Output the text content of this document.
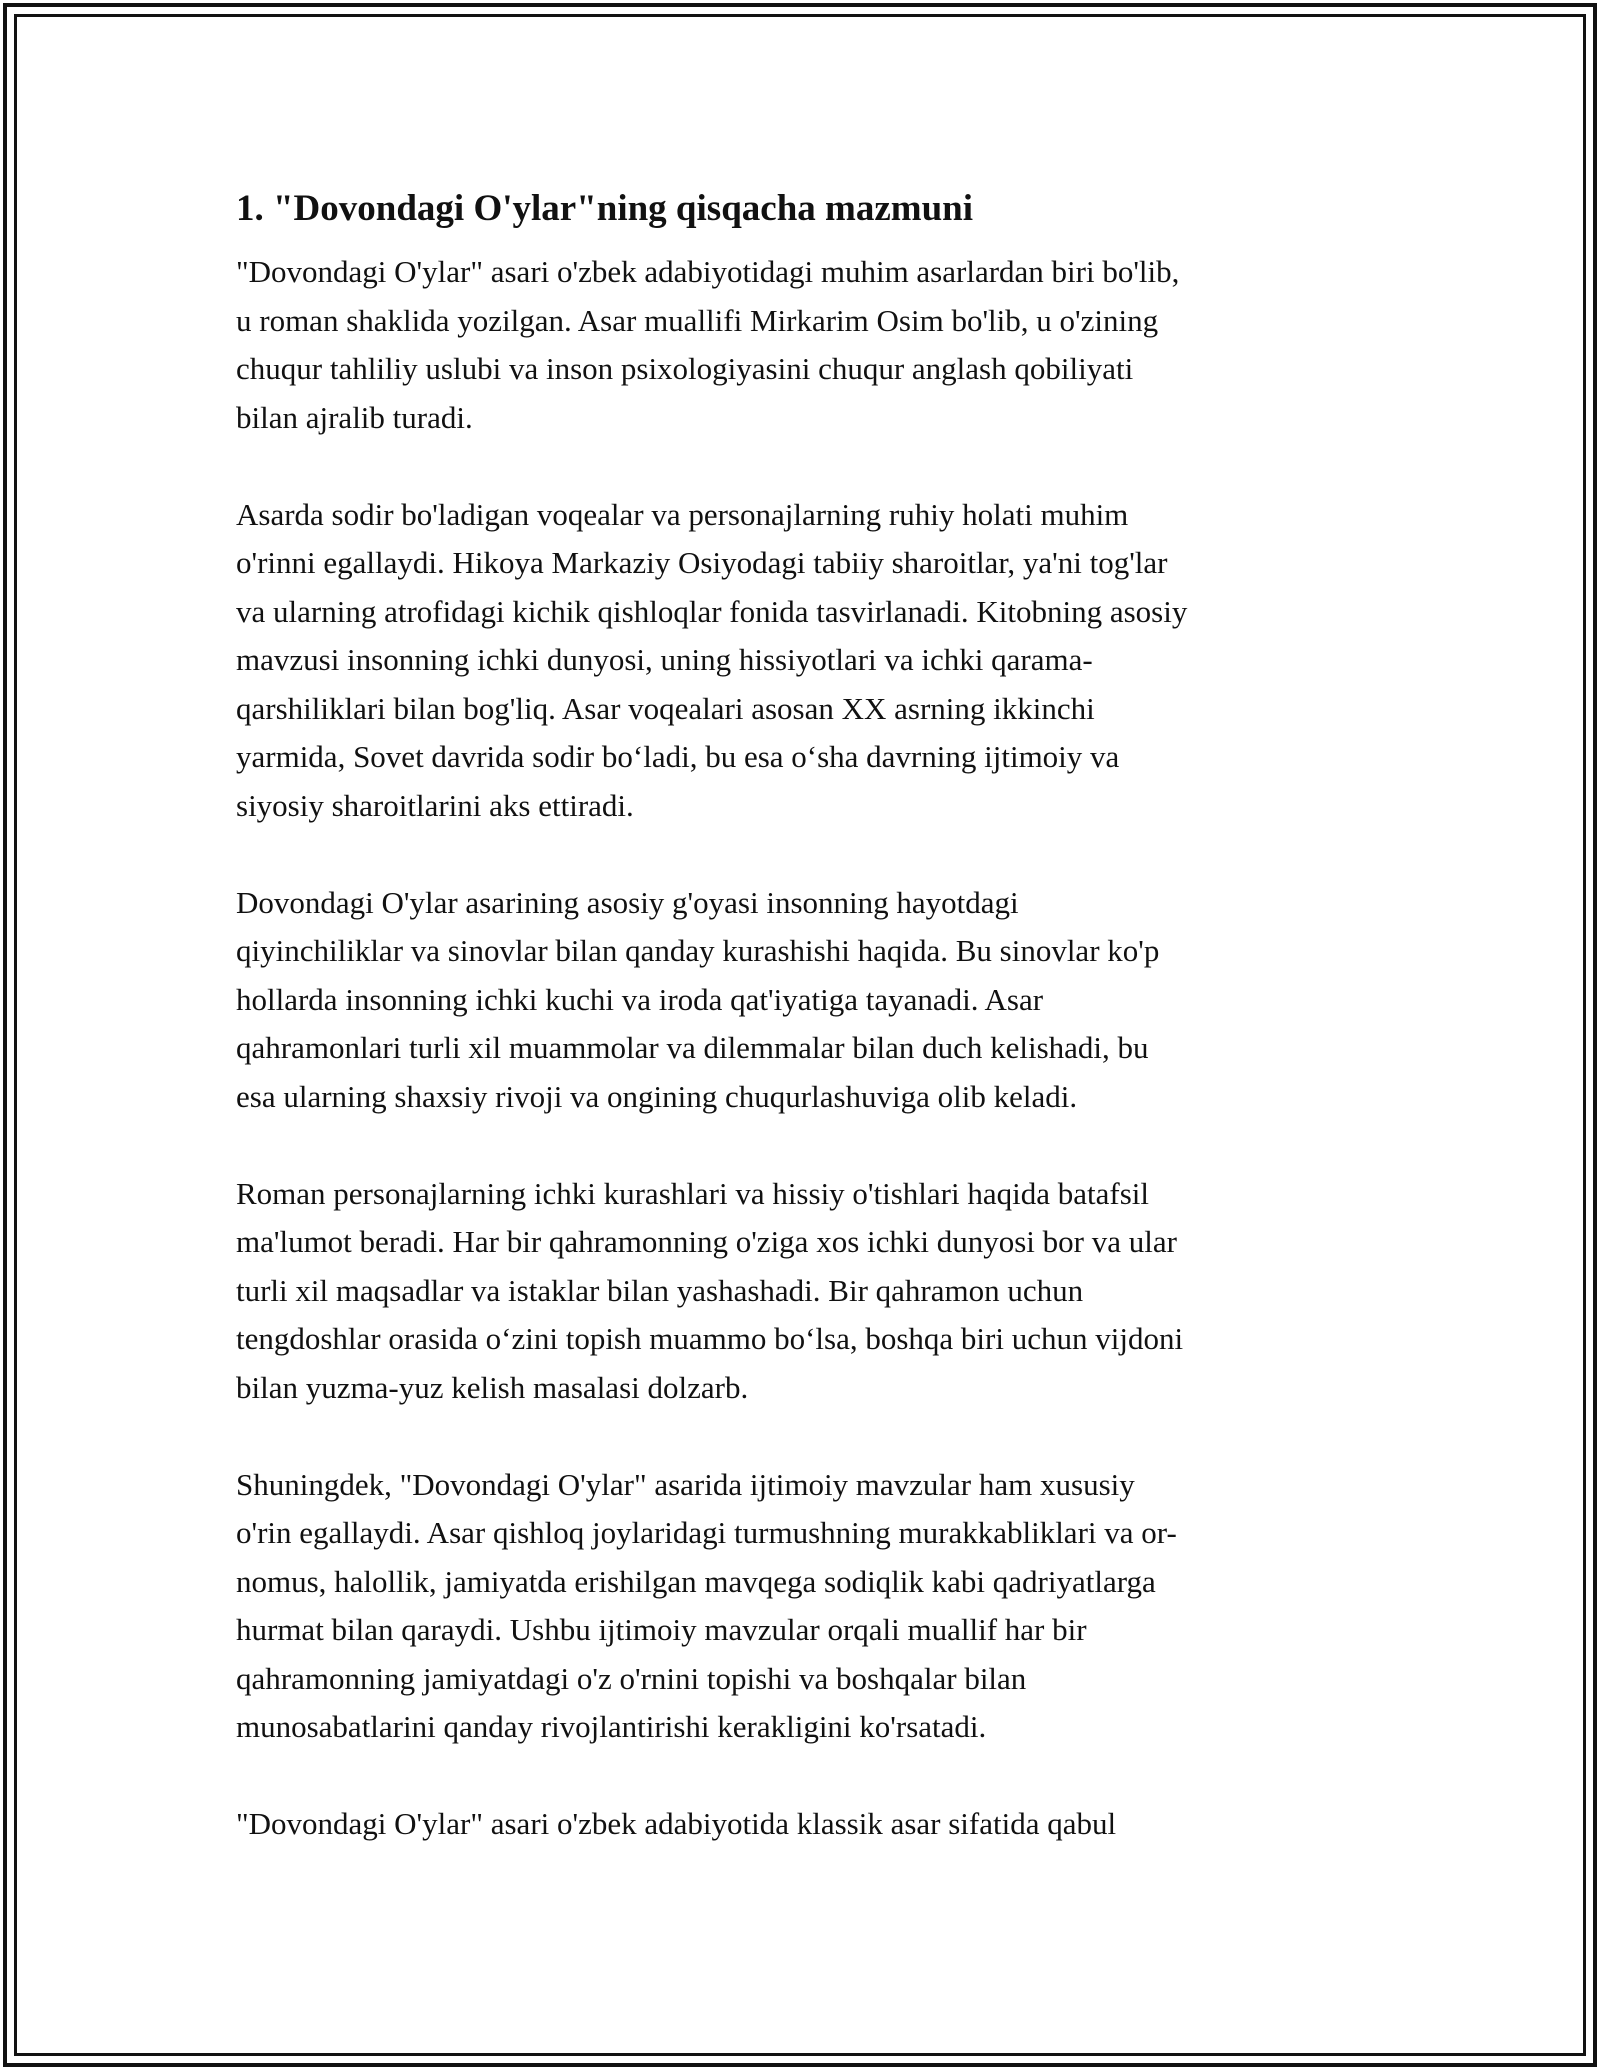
1. "Dovondagi O'ylar"ning qisqacha mazmuni

"Dovondagi O'ylar" asari o'zbek adabiyotidagi muhim asarlardan biri bo'lib,
u roman shaklida yozilgan. Asar muallifi Mirkarim Osim bo'lib, u o'zining
chuqur tahliliy uslubi va inson psixologiyasini chuqur anglash qobiliyati
bilan ajralib turadi.

Asarda sodir bo'ladigan voqealar va personajlarning ruhiy holati muhim
o'rinni egallaydi. Hikoya Markaziy Osiyodagi tabiiy sharoitlar, ya'ni tog'lar
va ularning atrofidagi kichik qishloqlar fonida tasvirlanadi. Kitobning asosiy
mavzusi insonning ichki dunyosi, uning hissiyotlari va ichki qarama-
qarshiliklari bilan bog'liq. Asar voqealari asosan XX asrning ikkinchi
yarmida, Sovet davrida sodir bo‘ladi, bu esa o‘sha davrning ijtimoiy va
siyosiy sharoitlarini aks ettiradi.

Dovondagi O'ylar asarining asosiy g'oyasi insonning hayotdagi
qiyinchiliklar va sinovlar bilan qanday kurashishi haqida. Bu sinovlar ko'p
hollarda insonning ichki kuchi va iroda qat'iyatiga tayanadi. Asar
qahramonlari turli xil muammolar va dilemmalar bilan duch kelishadi, bu
esa ularning shaxsiy rivoji va ongining chuqurlashuviga olib keladi.

Roman personajlarning ichki kurashlari va hissiy o'tishlari haqida batafsil
ma'lumot beradi. Har bir qahramonning o'ziga xos ichki dunyosi bor va ular
turli xil maqsadlar va istaklar bilan yashashadi. Bir qahramon uchun
tengdoshlar orasida o‘zini topish muammo bo‘lsa, boshqa biri uchun vijdoni
bilan yuzma-yuz kelish masalasi dolzarb.

Shuningdek, "Dovondagi O'ylar" asarida ijtimoiy mavzular ham xususiy
o'rin egallaydi. Asar qishloq joylaridagi turmushning murakkabliklari va or-
nomus, halollik, jamiyatda erishilgan mavqega sodiqlik kabi qadriyatlarga
hurmat bilan qaraydi. Ushbu ijtimoiy mavzular orqali muallif har bir
qahramonning jamiyatdagi o'z o'rnini topishi va boshqalar bilan
munosabatlarini qanday rivojlantirishi kerakligini ko'rsatadi.

"Dovondagi O'ylar" asari o'zbek adabiyotida klassik asar sifatida qabul
